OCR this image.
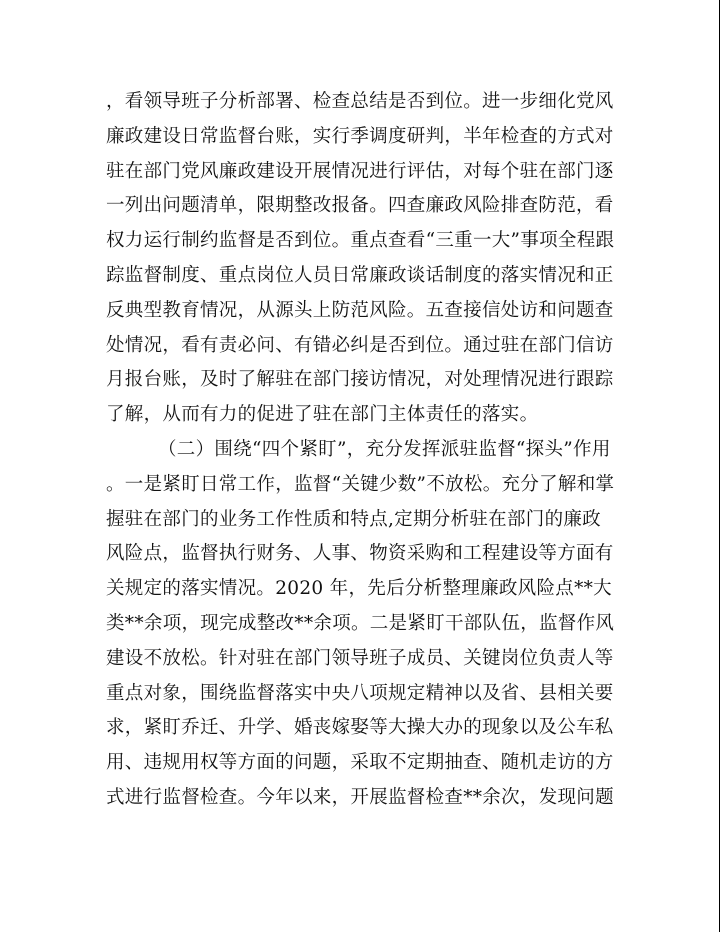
，看领导班子分析部署、检查总结是否到位。进一步细化党风
廉政建设日常监督台账，实行季调度研判，半年检查的方式对
驻在部门党风廉政建设开展情况进行评估，对每个驻在部门逐
一列出问题清单，限期整改报备。四查廉政风险排查防范，看
权力运行制约监督是否到位。重点查看“三重一大”事项全程跟
踪监督制度、重点岗位人员日常廉政谈话制度的落实情况和正
反典型教育情况，从源头上防范风险。五查接信处访和问题查
处情况，看有责必问、有错必纠是否到位。通过驻在部门信访
月报台账，及时了解驻在部门接访情况，对处理情况进行跟踪
了解，从而有力的促进了驻在部门主体责任的落实。
（二）围绕“四个紧盯”，充分发挥派驻监督“探头”作用
。一是紧盯日常工作，监督“关键少数”不放松。充分了解和掌
握驻在部门的业务工作性质和特点,定期分析驻在部门的廉政
风险点，监督执行财务、人事、物资采购和工程建设等方面有
关规定的落实情况。2020 年，先后分析整理廉政风险点**大
类**余项，现完成整改**余项。二是紧盯干部队伍，监督作风
建设不放松。针对驻在部门领导班子成员、关键岗位负责人等
重点对象，围绕监督落实中央八项规定精神以及省、县相关要
求，紧盯乔迁、升学、婚丧嫁娶等大操大办的现象以及公车私
用、违规用权等方面的问题，采取不定期抽查、随机走访的方
式进行监督检查。今年以来，开展监督检查**余次，发现问题
